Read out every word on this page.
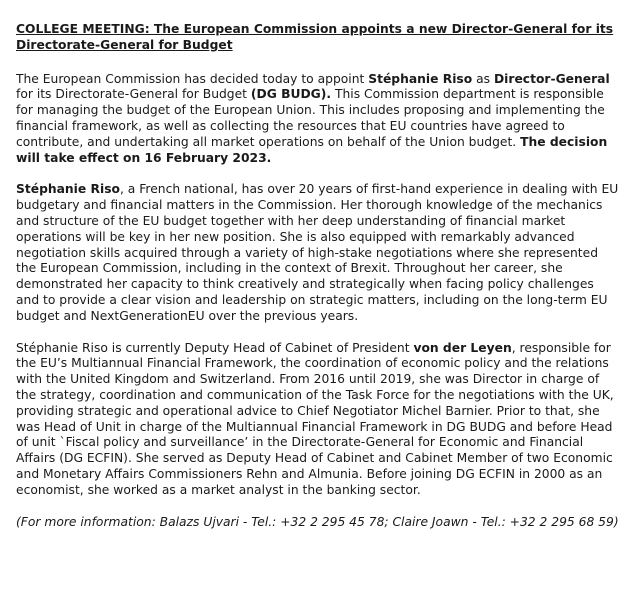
COLLEGE MEETING: The European Commission appoints a new Director-General for its Directorate-General for Budget

The European Commission has decided today to appoint Stéphanie Riso as Director-General for its Directorate-General for Budget (DG BUDG). This Commission department is responsible for managing the budget of the European Union. This includes proposing and implementing the financial framework, as well as collecting the resources that EU countries have agreed to contribute, and undertaking all market operations on behalf of the Union budget. The decision will take effect on 16 February 2023.

Stéphanie Riso, a French national, has over 20 years of first-hand experience in dealing with EU budgetary and financial matters in the Commission. Her thorough knowledge of the mechanics and structure of the EU budget together with her deep understanding of financial market operations will be key in her new position. She is also equipped with remarkably advanced negotiation skills acquired through a variety of high-stake negotiations where she represented the European Commission, including in the context of Brexit. Throughout her career, she demonstrated her capacity to think creatively and strategically when facing policy challenges and to provide a clear vision and leadership on strategic matters, including on the long-term EU budget and NextGenerationEU over the previous years.

Stéphanie Riso is currently Deputy Head of Cabinet of President von der Leyen, responsible for the EU’s Multiannual Financial Framework, the coordination of economic policy and the relations with the United Kingdom and Switzerland. From 2016 until 2019, she was Director in charge of the strategy, coordination and communication of the Task Force for the negotiations with the UK, providing strategic and operational advice to Chief Negotiator Michel Barnier. Prior to that, she was Head of Unit in charge of the Multiannual Financial Framework in DG BUDG and before Head of unit `Fiscal policy and surveillance’ in the Directorate-General for Economic and Financial Affairs (DG ECFIN). She served as Deputy Head of Cabinet and Cabinet Member of two Economic and Monetary Affairs Commissioners Rehn and Almunia. Before joining DG ECFIN in 2000 as an economist, she worked as a market analyst in the banking sector.

(For more information: Balazs Ujvari - Tel.: +32 2 295 45 78; Claire Joawn - Tel.: +32 2 295 68 59)
